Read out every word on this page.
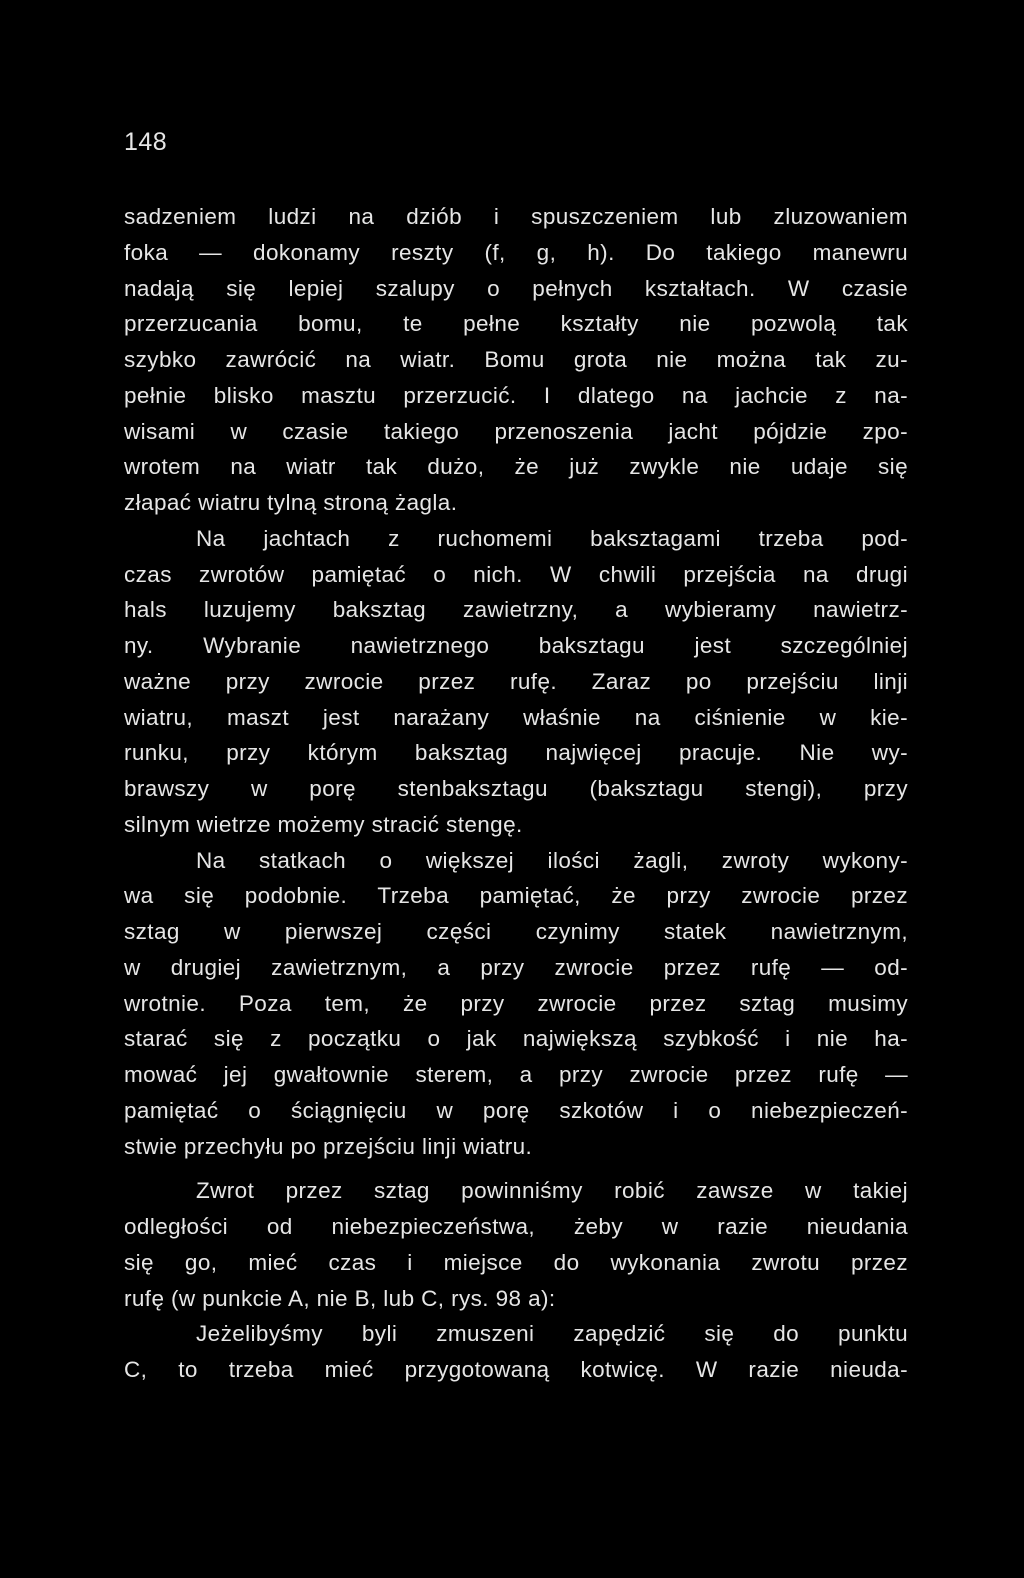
148
sadzeniem ludzi na dziób i spuszczeniem lub zluzowaniem
foka — dokonamy reszty (f, g, h). Do takiego manewru
nadają się lepiej szalupy o pełnych kształtach. W czasie
przerzucania bomu, te pełne kształty nie pozwolą tak
szybko zawrócić na wiatr. Bomu grota nie można tak zu-
pełnie blisko masztu przerzucić. I dlatego na jachcie z na-
wisami w czasie takiego przenoszenia jacht pójdzie zpo-
wrotem na wiatr tak dużo, że już zwykle nie udaje się
złapać wiatru tylną stroną żagla.
Na jachtach z ruchomemi baksztagami trzeba pod-
czas zwrotów pamiętać o nich. W chwili przejścia na drugi
hals luzujemy baksztag zawietrzny, a wybieramy nawietrz-
ny. Wybranie nawietrznego baksztagu jest szczególniej
ważne przy zwrocie przez rufę. Zaraz po przejściu linji
wiatru, maszt jest narażany właśnie na ciśnienie w kie-
runku, przy którym baksztag najwięcej pracuje. Nie wy-
brawszy w porę stenbaksztagu (baksztagu stengi), przy
silnym wietrze możemy stracić stengę.
Na statkach o większej ilości żagli, zwroty wykony-
wa się podobnie. Trzeba pamiętać, że przy zwrocie przez
sztag w pierwszej części czynimy statek nawietrznym,
w drugiej zawietrznym, a przy zwrocie przez rufę — od-
wrotnie. Poza tem, że przy zwrocie przez sztag musimy
starać się z początku o jak największą szybkość i nie ha-
mować jej gwałtownie sterem, a przy zwrocie przez rufę —
pamiętać o ściągnięciu w porę szkotów i o niebezpieczeń-
stwie przechyłu po przejściu linji wiatru.
Zwrot przez sztag powinniśmy robić zawsze w takiej
odległości od niebezpieczeństwa, żeby w razie nieudania
się go, mieć czas i miejsce do wykonania zwrotu przez
rufę (w punkcie A, nie B, lub C, rys. 98 a):
Jeżelibyśmy byli zmuszeni zapędzić się do punktu
C, to trzeba mieć przygotowaną kotwicę. W razie nieuda-
